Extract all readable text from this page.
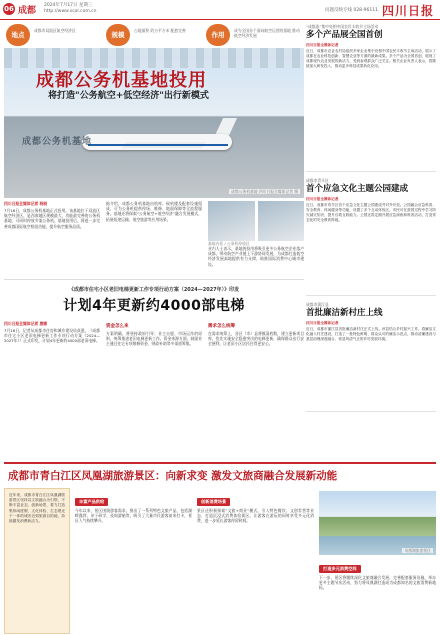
06 成都
2024年7月17日 星期三
http://www.scol.com.cn	问题反映专线 028-96111 四川日报
地点
成都市双流区航空经济区
规模
占地面积 约万平方米 配套完善
作用
成为全国首个面向航空运营的基地 推动低空经济发展
成都公务机基地投用
将打造"公务航空+低空经济"出行新模式
成都公务机基地
成都公务机基地 四川日报全媒体记者 摄
四川日报全媒体记者 杨晓
7月16日，成都公务机基地正式投用。该基地位于双流区航空经济区，是西南地区规模最大、功能最完善的公务机基地，可同时停放多架公务机。基地投用后，将进一步完善成都国际航空枢纽功能，提升航空服务品质。
据介绍，成都公务机基地由机库、候机楼及配套设施组成，可为公务机提供停场、维修、地面保障等全流程服务。基地还将探索“公务航空+低空经济”融合发展模式，拓展短途运输、低空旅游等应用场景。
基地内景 / 公务机停放区
业内人士表示，基地的投用将吸引更多公务航空企业落户成都，带动航空产业链上下游协同发展，为成都打造低空经济发展高地提供有力支撑，助推国际消费中心城市建设。
《成都市住宅小区老旧电梯更新工作专项行动方案（2024—2027年）》印发
计划4年更新约4000部电梯
四川日报全媒体记者 唐娜
7月16日，记者从成都市住房和城乡建设局获悉，《成都市住宅小区老旧电梯更新工作专项行动方案（2024—2027年）》正式印发，计划4年更新约4000部老旧电梯。
资金怎么来
方案明确，将坚持政府引导、业主自愿、市场运作的原则，统筹推进老旧电梯更新工作。资金来源方面，鼓励业主通过住宅专项维修资金、财政补助等多渠道筹集。
需求怎么统筹
在需求统筹上，各区（市）县将摸清底数，建立更新项目库，优先实施安全隐患突出的电梯更新，确保群众出行安全便利，让老旧小区居民住得更安心。
“成都造”集中亮相中国农民丰收节主场活动
多个产品展全国首创
四川日报全媒体记者
近日，成都市农业农村局组织多家企业集中亮相中国农民丰收节主场活动，展示了成都在农业科技创新、智慧农业等方面的最新成果。多个产品为全国首创，展现了成都现代农业发展的新活力，受到参观群众广泛关注。相关企业负责人表示，将继续加大研发投入，推动更多科技成果转化应用。
成都市青羊区
首个应急文化主题公园建成
四川日报全媒体记者
近日，成都市青羊区首个应急文化主题公园建成并对外开放。公园融合应急科普、安全教育、休闲健身等功能，设置了多个互动体验区，市民可在游园过程中学习防灾减灾知识，提升自救互救能力。公园还将定期开展应急演练和科普活动，打造常态化的安全教育阵地。
成都市蒲江县
首批廉洁新村庄上线
四川日报全媒体记者
近日，成都市蒲江县首批廉洁新村庄正式上线。该县结合乡村振兴工作，将廉洁文化融入村庄建设，打造了一批特色鲜明、群众认可的廉洁示范点，推动清廉建设与基层治理深度融合，营造风清气正的乡村发展环境。
成都市青白江区凤凰湖旅游景区：向新求变 激发文旅商融合发展新动能
近年来，成都市青白江区凤凰湖旅游景区坚持以文旅融合为引领，不断丰富业态、创新场景，着力打造集休闲度假、文化体验、生态观光于一体的城市近郊旅游目的地，持续激发消费新活力。
丰富产品供给
今年以来，景区围绕游客需求，推出了一系列特色文旅产品，包括湖畔露营、亲子研学、夜间游船等，吸引了大量市民游客前来打卡，景区人气持续攀升。
创新消费场景
景区还积极探索“文旅+商业”模式，引入特色餐饮、文创零售等业态，打造沉浸式消费体验街区，让游客在游玩的同时享受多元化消费，进一步延长游客停留时间。
凤凰湖旅游景区
打造多元消费空间
下一步，景区将继续深化文旅商融合发展，完善配套服务设施，举办更多主题节庆活动，努力将凤凰湖打造成为成都知名的文旅消费新地标。
